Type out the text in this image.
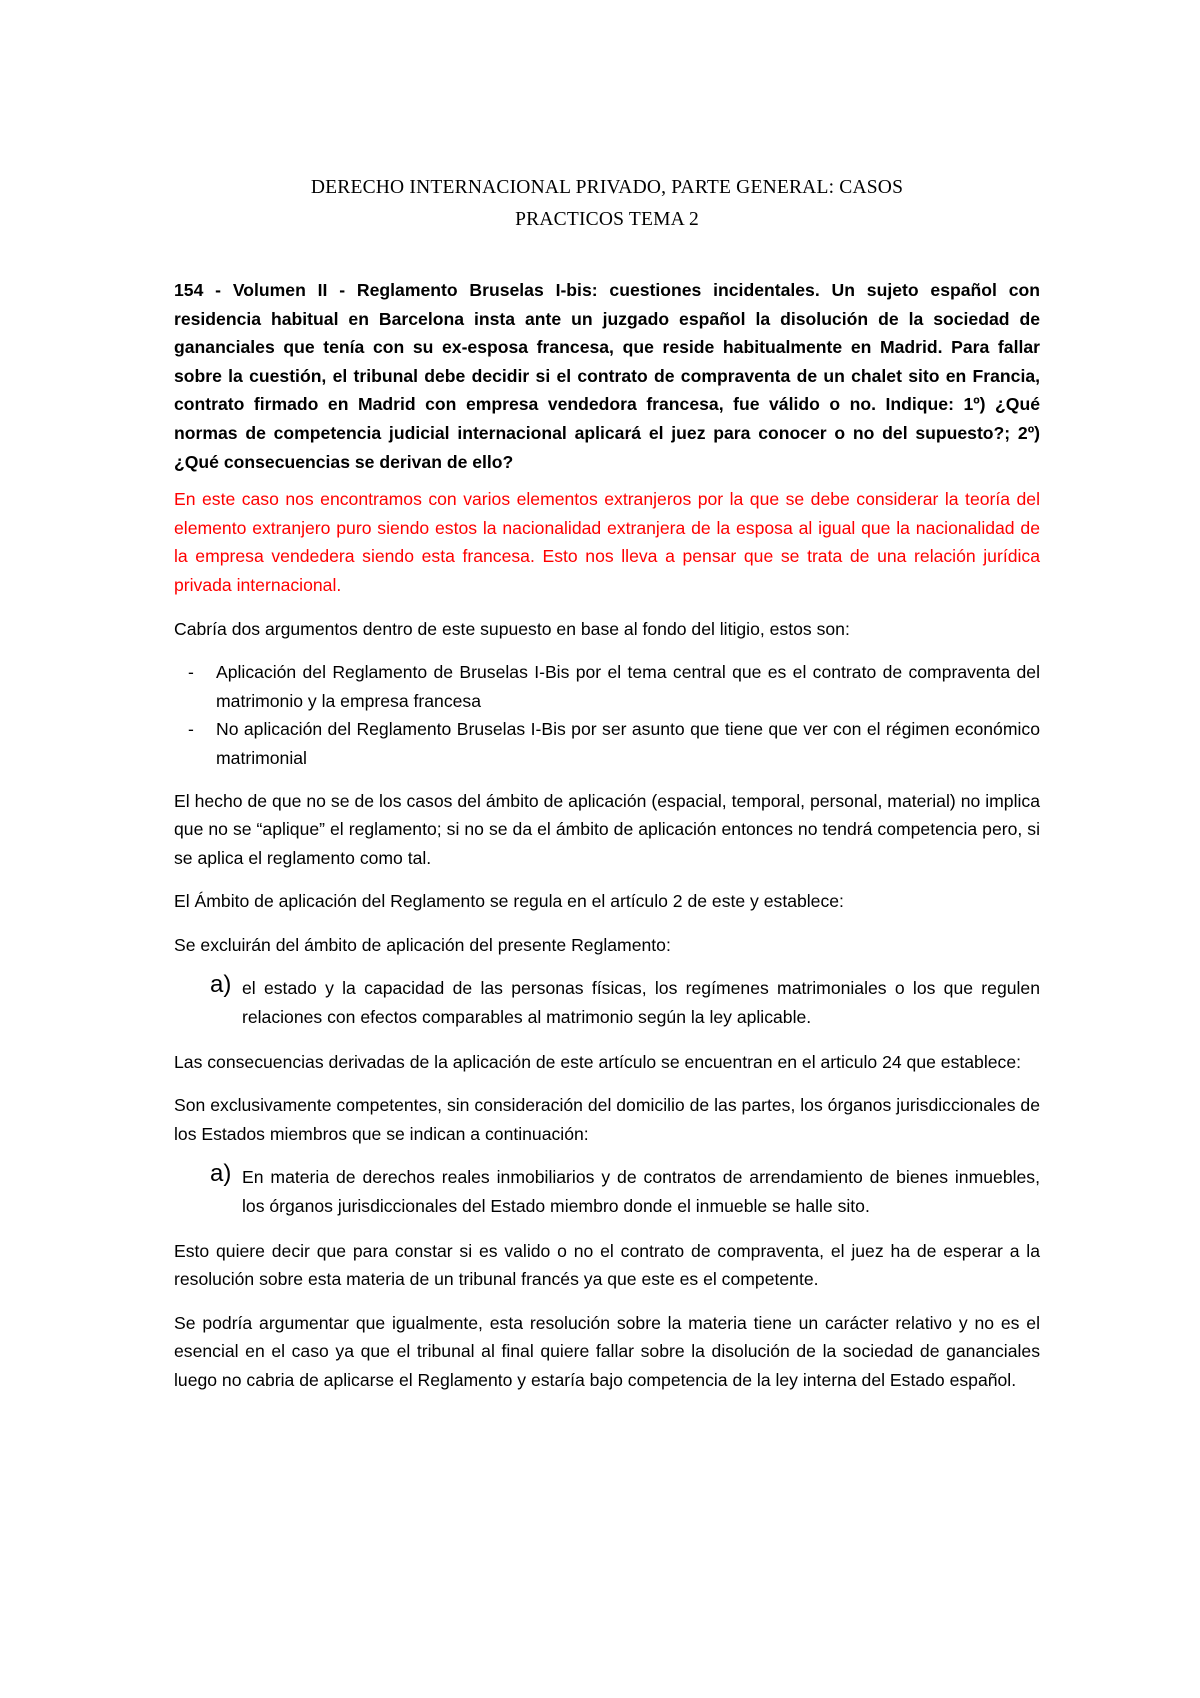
DERECHO INTERNACIONAL PRIVADO, PARTE GENERAL: CASOS
PRACTICOS TEMA 2

154 - Volumen II - Reglamento Bruselas I-bis: cuestiones incidentales. Un sujeto español con residencia habitual en Barcelona insta ante un juzgado español la disolución de la sociedad de gananciales que tenía con su ex-esposa francesa, que reside habitualmente en Madrid. Para fallar sobre la cuestión, el tribunal debe decidir si el contrato de compraventa de un chalet sito en Francia, contrato firmado en Madrid con empresa vendedora francesa, fue válido o no. Indique: 1º) ¿Qué normas de competencia judicial internacional aplicará el juez para conocer o no del supuesto?; 2º) ¿Qué consecuencias se derivan de ello?

En este caso nos encontramos con varios elementos extranjeros por la que se debe considerar la teoría del elemento extranjero puro siendo estos la nacionalidad extranjera de la esposa al igual que la nacionalidad de la empresa vendedera siendo esta francesa. Esto nos lleva a pensar que se trata de una relación jurídica privada internacional.

Cabría dos argumentos dentro de este supuesto en base al fondo del litigio, estos son:

- Aplicación del Reglamento de Bruselas I-Bis por el tema central que es el contrato de compraventa del matrimonio y la empresa francesa
- No aplicación del Reglamento Bruselas I-Bis por ser asunto que tiene que ver con el régimen económico matrimonial

El hecho de que no se de los casos del ámbito de aplicación (espacial, temporal, personal, material) no implica que no se “aplique” el reglamento; si no se da el ámbito de aplicación entonces no tendrá competencia pero, si se aplica el reglamento como tal.

El Ámbito de aplicación del Reglamento se regula en el artículo 2 de este y establece:

Se excluirán del ámbito de aplicación del presente Reglamento:

a) el estado y la capacidad de las personas físicas, los regímenes matrimoniales o los que regulen relaciones con efectos comparables al matrimonio según la ley aplicable.

Las consecuencias derivadas de la aplicación de este artículo se encuentran en el articulo 24 que establece:

Son exclusivamente competentes, sin consideración del domicilio de las partes, los órganos jurisdiccionales de los Estados miembros que se indican a continuación:

a) En materia de derechos reales inmobiliarios y de contratos de arrendamiento de bienes inmuebles, los órganos jurisdiccionales del Estado miembro donde el inmueble se halle sito.

Esto quiere decir que para constar si es valido o no el contrato de compraventa, el juez ha de esperar a la resolución sobre esta materia de un tribunal francés ya que este es el competente.

Se podría argumentar que igualmente, esta resolución sobre la materia tiene un carácter relativo y no es el esencial en el caso ya que el tribunal al final quiere fallar sobre la disolución de la sociedad de gananciales luego no cabria de aplicarse el Reglamento y estaría bajo competencia de la ley interna del Estado español.
